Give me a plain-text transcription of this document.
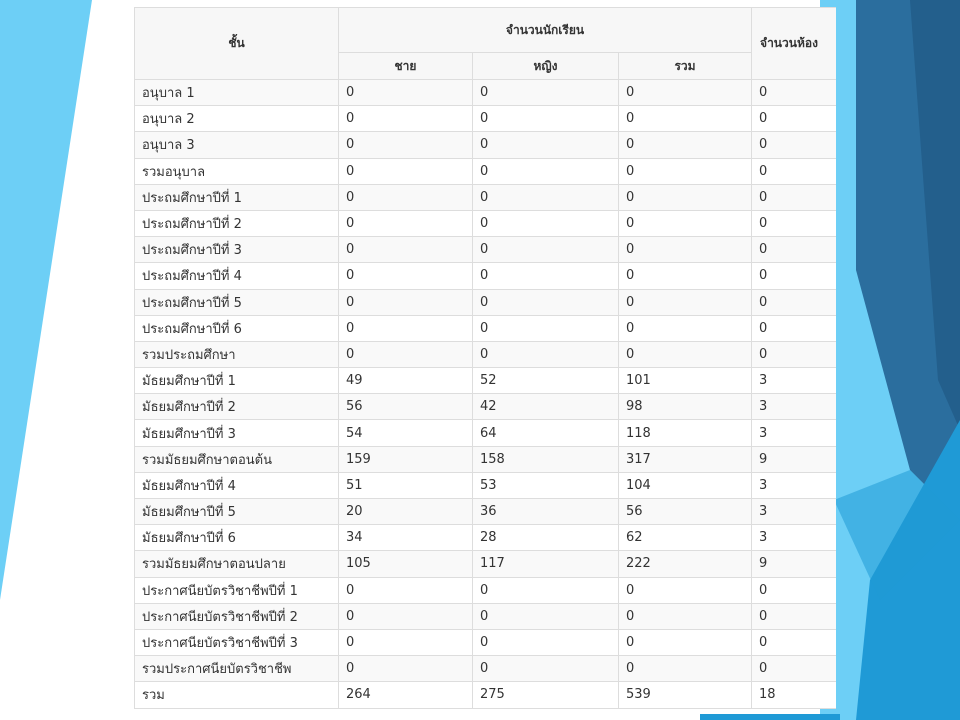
ชั้น	จำนวนนักเรียน			จำนวนห้อง
	ชาย	หญิง	รวม	
อนุบาล 1	0	0	0	0
อนุบาล 2	0	0	0	0
อนุบาล 3	0	0	0	0
รวมอนุบาล	0	0	0	0
ประถมศึกษาปีที่ 1	0	0	0	0
ประถมศึกษาปีที่ 2	0	0	0	0
ประถมศึกษาปีที่ 3	0	0	0	0
ประถมศึกษาปีที่ 4	0	0	0	0
ประถมศึกษาปีที่ 5	0	0	0	0
ประถมศึกษาปีที่ 6	0	0	0	0
รวมประถมศึกษา	0	0	0	0
มัธยมศึกษาปีที่ 1	49	52	101	3
มัธยมศึกษาปีที่ 2	56	42	98	3
มัธยมศึกษาปีที่ 3	54	64	118	3
รวมมัธยมศึกษาตอนต้น	159	158	317	9
มัธยมศึกษาปีที่ 4	51	53	104	3
มัธยมศึกษาปีที่ 5	20	36	56	3
มัธยมศึกษาปีที่ 6	34	28	62	3
รวมมัธยมศึกษาตอนปลาย	105	117	222	9
ประกาศนียบัตรวิชาชีพปีที่ 1	0	0	0	0
ประกาศนียบัตรวิชาชีพปีที่ 2	0	0	0	0
ประกาศนียบัตรวิชาชีพปีที่ 3	0	0	0	0
รวมประกาศนียบัตรวิชาชีพ	0	0	0	0
รวม	264	275	539	18
